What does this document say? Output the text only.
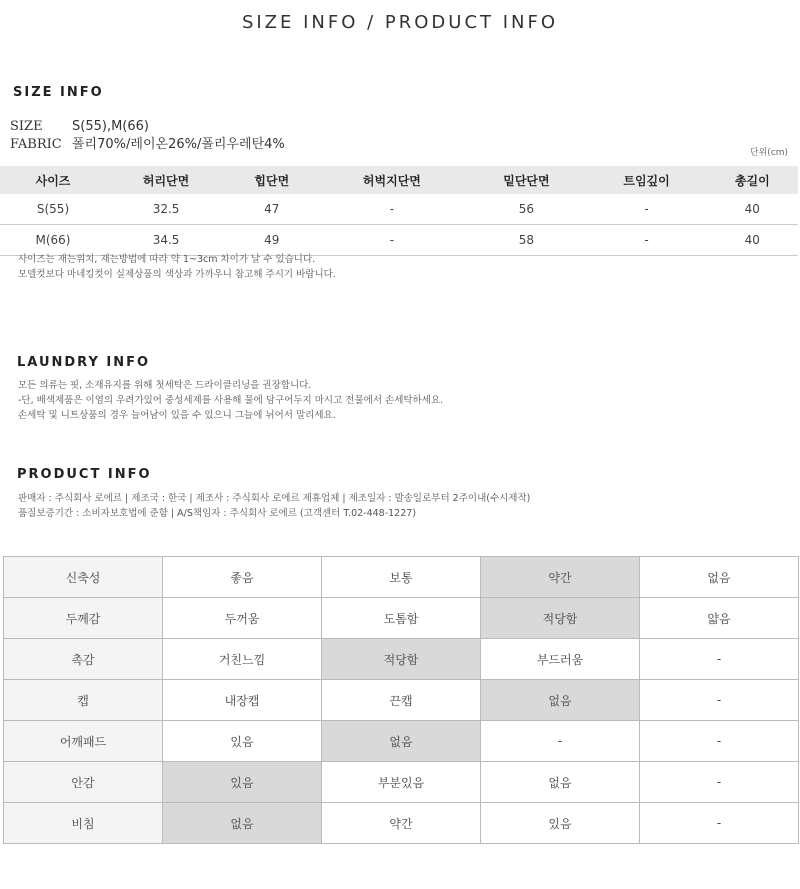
SIZE INFO / PRODUCT INFO
SIZE INFO
SIZE S(55),M(66)
FABRIC 폴리70%/레이온26%/폴리우레탄4%
단위(cm)
사이즈	허리단면	힙단면	허벅지단면	밑단단면	트임깊이	총길이
S(55)	32.5	47	-	56	-	40
M(66)	34.5	49	-	58	-	40
사이즈는 재는위치, 재는방법에 따라 약 1~3cm 차이가 날 수 있습니다.
모델컷보다 마네킹컷이 실제상품의 색상과 가까우니 참고해 주시기 바랍니다.
LAUNDRY INFO
모든 의류는 핏, 소재유지를 위해 첫세탁은 드라이클리닝을 권장합니다.
-단, 배색제품은 이염의 우려가있어 중성세제를 사용해 물에 담구어두지 마시고 전물에서 손세탁하세요.
손세탁 및 니트상품의 경우 늘어남이 있을 수 있으니 그늘에 뉘어서 말리세요.
PRODUCT INFO
판매자 : 주식회사 로에르 | 제조국 : 한국 | 제조사 : 주식회사 로에르 제휴업체 | 제조일자 : 발송일로부터 2주이내(수시제작)
품질보증기간 : 소비자보호법에 준함 | A/S책임자 : 주식회사 로에르 (고객센터 T.02-448-1227)
신축성	좋음	보통	약간	없음
두께감	두꺼움	도톰함	적당함	얇음
촉감	거친느낌	적당함	부드러움	-
캡	내장캡	끈캡	없음	-
어깨패드	있음	없음	-	-
안감	있음	부분있음	없음	-
비침	없음	약간	있음	-
